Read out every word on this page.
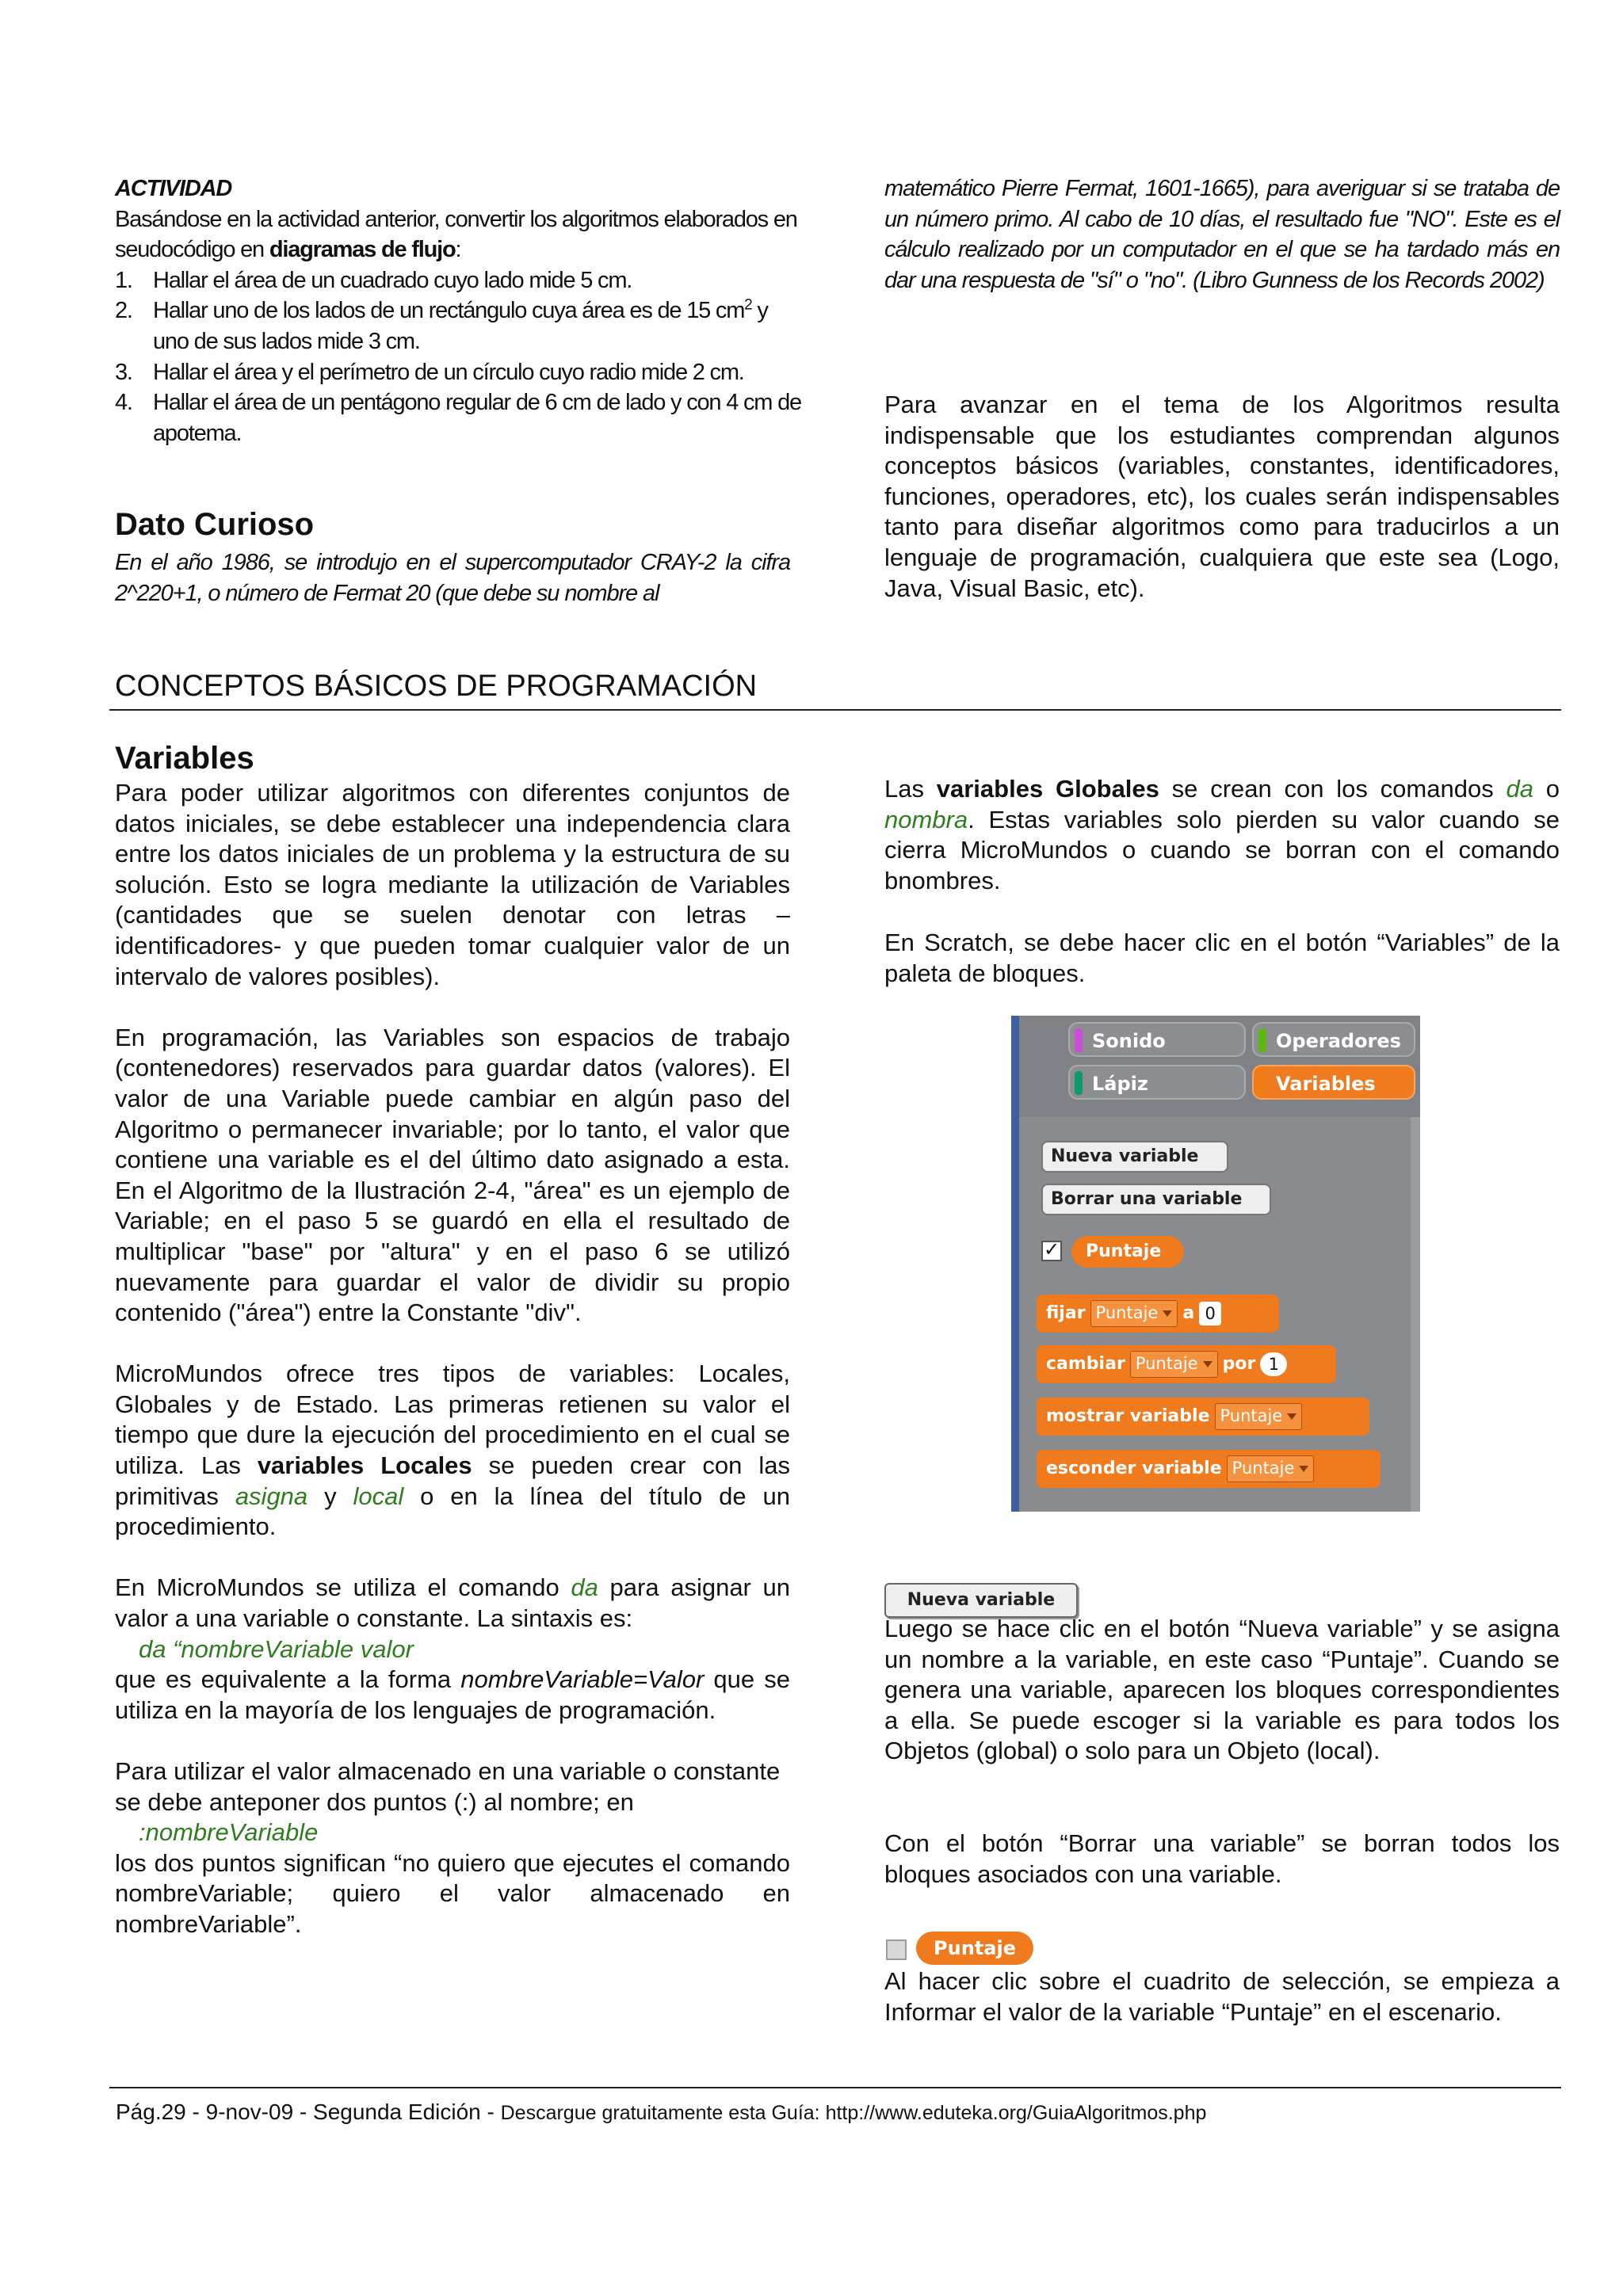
ACTIVIDAD
Basándose en la actividad anterior, convertir los algoritmos elaborados en seudocódigo en diagramas de flujo:
1. Hallar el área de un cuadrado cuyo lado mide 5 cm.
2. Hallar uno de los lados de un rectángulo cuya área es de 15 $cm^2$ y uno de sus lados mide 3 cm.
3. Hallar el área y el perímetro de un círculo cuyo radio mide 2 cm.
4. Hallar el área de un pentágono regular de 6 cm de lado y con 4 cm de apotema.
Dato Curioso
En el año 1986, se introdujo en el supercomputador CRAY-2 la cifra 2^220+1, o número de Fermat 20 (que debe su nombre al
matemático Pierre Fermat, 1601-1665), para averiguar si se trataba de un número primo. Al cabo de 10 días, el resultado fue "NO". Este es el cálculo realizado por un computador en el que se ha tardado más en dar una respuesta de "sí" o "no". (Libro Gunness de los Records 2002)
Para avanzar en el tema de los Algoritmos resulta indispensable que los estudiantes comprendan algunos conceptos básicos (variables, constantes, identificadores, funciones, operadores, etc), los cuales serán indispensables tanto para diseñar algoritmos como para traducirlos a un lenguaje de programación, cualquiera que este sea (Logo, Java, Visual Basic, etc).
CONCEPTOS BÁSICOS DE PROGRAMACIÓN
Variables

Para poder utilizar algoritmos con diferentes conjuntos de datos iniciales, se debe establecer una independencia clara entre los datos iniciales de un problema y la estructura de su solución. Esto se logra mediante la utilización de Variables (cantidades que se suelen denotar con letras –identificadores- y que pueden tomar cualquier valor de un intervalo de valores posibles).

En programación, las Variables son espacios de trabajo (contenedores) reservados para guardar datos (valores). El valor de una Variable puede cambiar en algún paso del Algoritmo o permanecer invariable; por lo tanto, el valor que contiene una variable es el del último dato asignado a esta. En el Algoritmo de la Ilustración 2-4, "área" es un ejemplo de Variable; en el paso 5 se guardó en ella el resultado de multiplicar "base" por "altura" y en el paso 6 se utilizó nuevamente para guardar el valor de dividir su propio contenido ("área") entre la Constante "div".

MicroMundos ofrece tres tipos de variables: Locales, Globales y de Estado. Las primeras retienen su valor el tiempo que dure la ejecución del procedimiento en el cual se utiliza. Las variables Locales se pueden crear con las primitivas asigna y local o en la línea del título de un procedimiento.

En MicroMundos se utiliza el comando da para asignar un valor a una variable o constante. La sintaxis es:

da “nombreVariable valor

que es equivalente a la forma nombreVariable=Valor que se utiliza en la mayoría de los lenguajes de programación.

Para utilizar el valor almacenado en una variable o constante se debe anteponer dos puntos (:) al nombre; en

:nombreVariable

los dos puntos significan “no quiero que ejecutes el comando nombreVariable; quiero el valor almacenado en nombreVariable”.

Las variables Globales se crean con los comandos da o nombra. Estas variables solo pierden su valor cuando se cierra MicroMundos o cuando se borran con el comando bnombres.
En Scratch, se debe hacer clic en el botón “Variables” de la paleta de bloques.
Sonido	Operadores
Lápiz	Variables
Nueva variable
Borrar una variable
✓	Puntaje
fijar Puntaje a 0
cambiar Puntaje por 1
mostrar variable Puntaje
esconder variable Puntaje
Nueva variable
Luego se hace clic en el botón “Nueva variable” y se asigna un nombre a la variable, en este caso “Puntaje”. Cuando se genera una variable, aparecen los bloques correspondientes a ella. Se puede escoger si la variable es para todos los Objetos (global) o solo para un Objeto (local).
Con el botón “Borrar una variable” se borran todos los bloques asociados con una variable.
Puntaje
Al hacer clic sobre el cuadrito de selección, se empieza a Informar el valor de la variable “Puntaje” en el escenario.
Pág.29 - 9-nov-09 - Segunda Edición - Descargue gratuitamente esta Guía: http://www.eduteka.org/GuiaAlgoritmos.php
